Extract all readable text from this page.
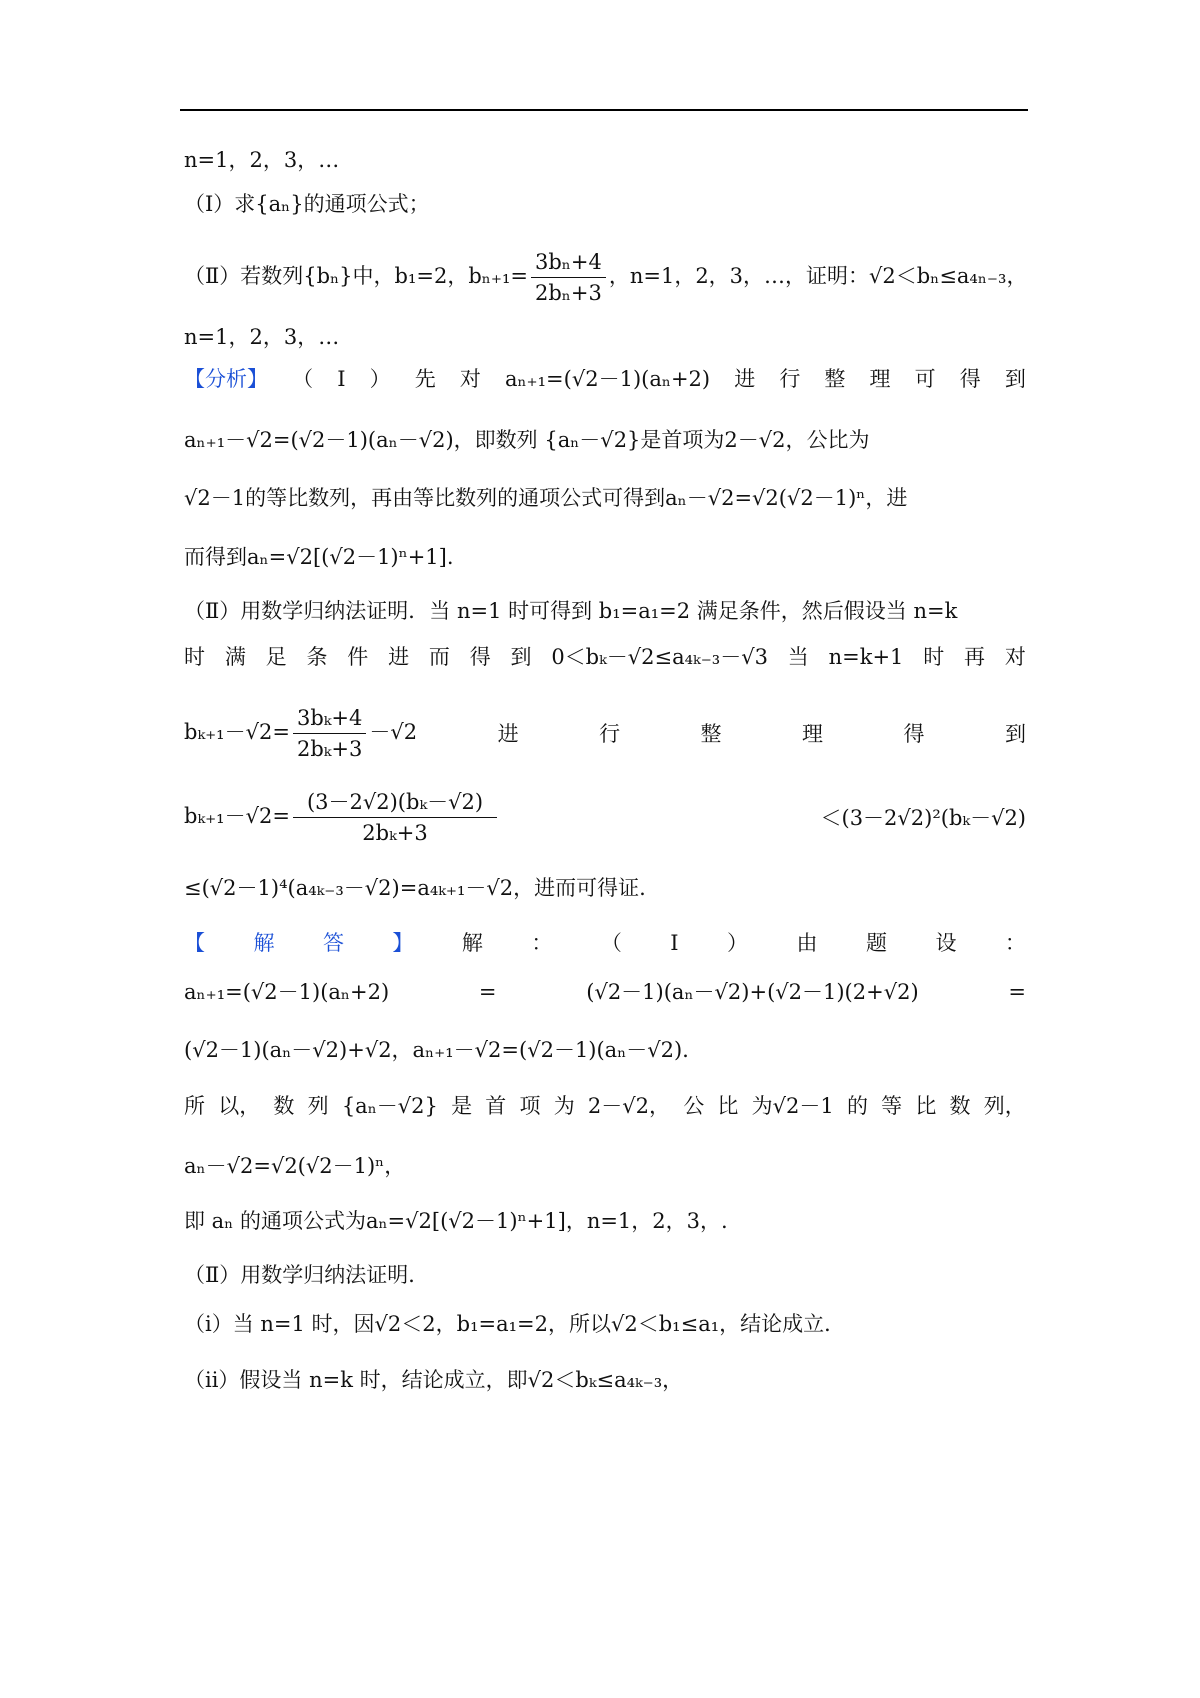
n=1，2，3，…
（Ⅰ）求{aₙ}的通项公式；
（Ⅱ）若数列{bₙ}中，b₁=2，$b_{n+1}= \frac{\text{3bₙ+4}}{\text{2bₙ+3}}$ ，n=1，2，3，…，证明：√2＜bₙ≤a₄ₙ₋₃，
n=1，2，3，…
【分析】 （ Ⅰ ） 先 对 aₙ₊₁=(√2－1)(aₙ+2) 进 行 整 理 可 得 到
aₙ₊₁－√2=(√2－1)(aₙ－√2)，即数列 {aₙ－√2}是首项为2－√2，公比为
√2－1的等比数列，再由等比数列的通项公式可得到aₙ－√2=√2(√2－1)ⁿ，进
而得到aₙ=√2[(√2－1)ⁿ+1].
（Ⅱ）用数学归纳法证明．当 n=1 时可得到 b₁=a₁=2 满足条件，然后假设当 n=k
时 满 足 条 件 进 而 得 到 0＜bₖ－√2≤a₄ₖ₋₃－√3 当 n=k+1 时 再 对
$b_{k+1}-√2= \frac{\text{3bₖ+4}}{\text{2bₖ+3}} -√2$	进	行	整	理	得	到
$b_{k+1}-√2= \frac{\text{(3－2√2)(bₖ－√2)}}{\text{2bₖ+3}}$	＜(3－2√2)²(bₖ－√2)
≤(√2－1)⁴(a₄ₖ₋₃－√2)=a₄ₖ₊₁－√2，进而可得证.
【 解 答 】 解 ： （ Ⅰ ） 由 题 设 ：
aₙ₊₁=(√2－1)(aₙ+2)	=	(√2－1)(aₙ－√2)+(√2－1)(2+√2)	=
(√2－1)(aₙ－√2)+√2，aₙ₊₁－√2=(√2－1)(aₙ－√2)．
所 以， 数 列 {aₙ－√2} 是 首 项 为 2－√2， 公 比 为√2－1 的 等 比 数 列，
aₙ－√2=√2(√2－1)ⁿ，
即 aₙ 的通项公式为aₙ=√2[(√2－1)ⁿ+1]，n=1，2，3，.
（Ⅱ）用数学归纳法证明．
（ⅰ）当 n=1 时，因√2＜2，b₁=a₁=2，所以√2＜b₁≤a₁，结论成立．
（ⅱ）假设当 n=k 时，结论成立，即√2＜bₖ≤a₄ₖ₋₃，
